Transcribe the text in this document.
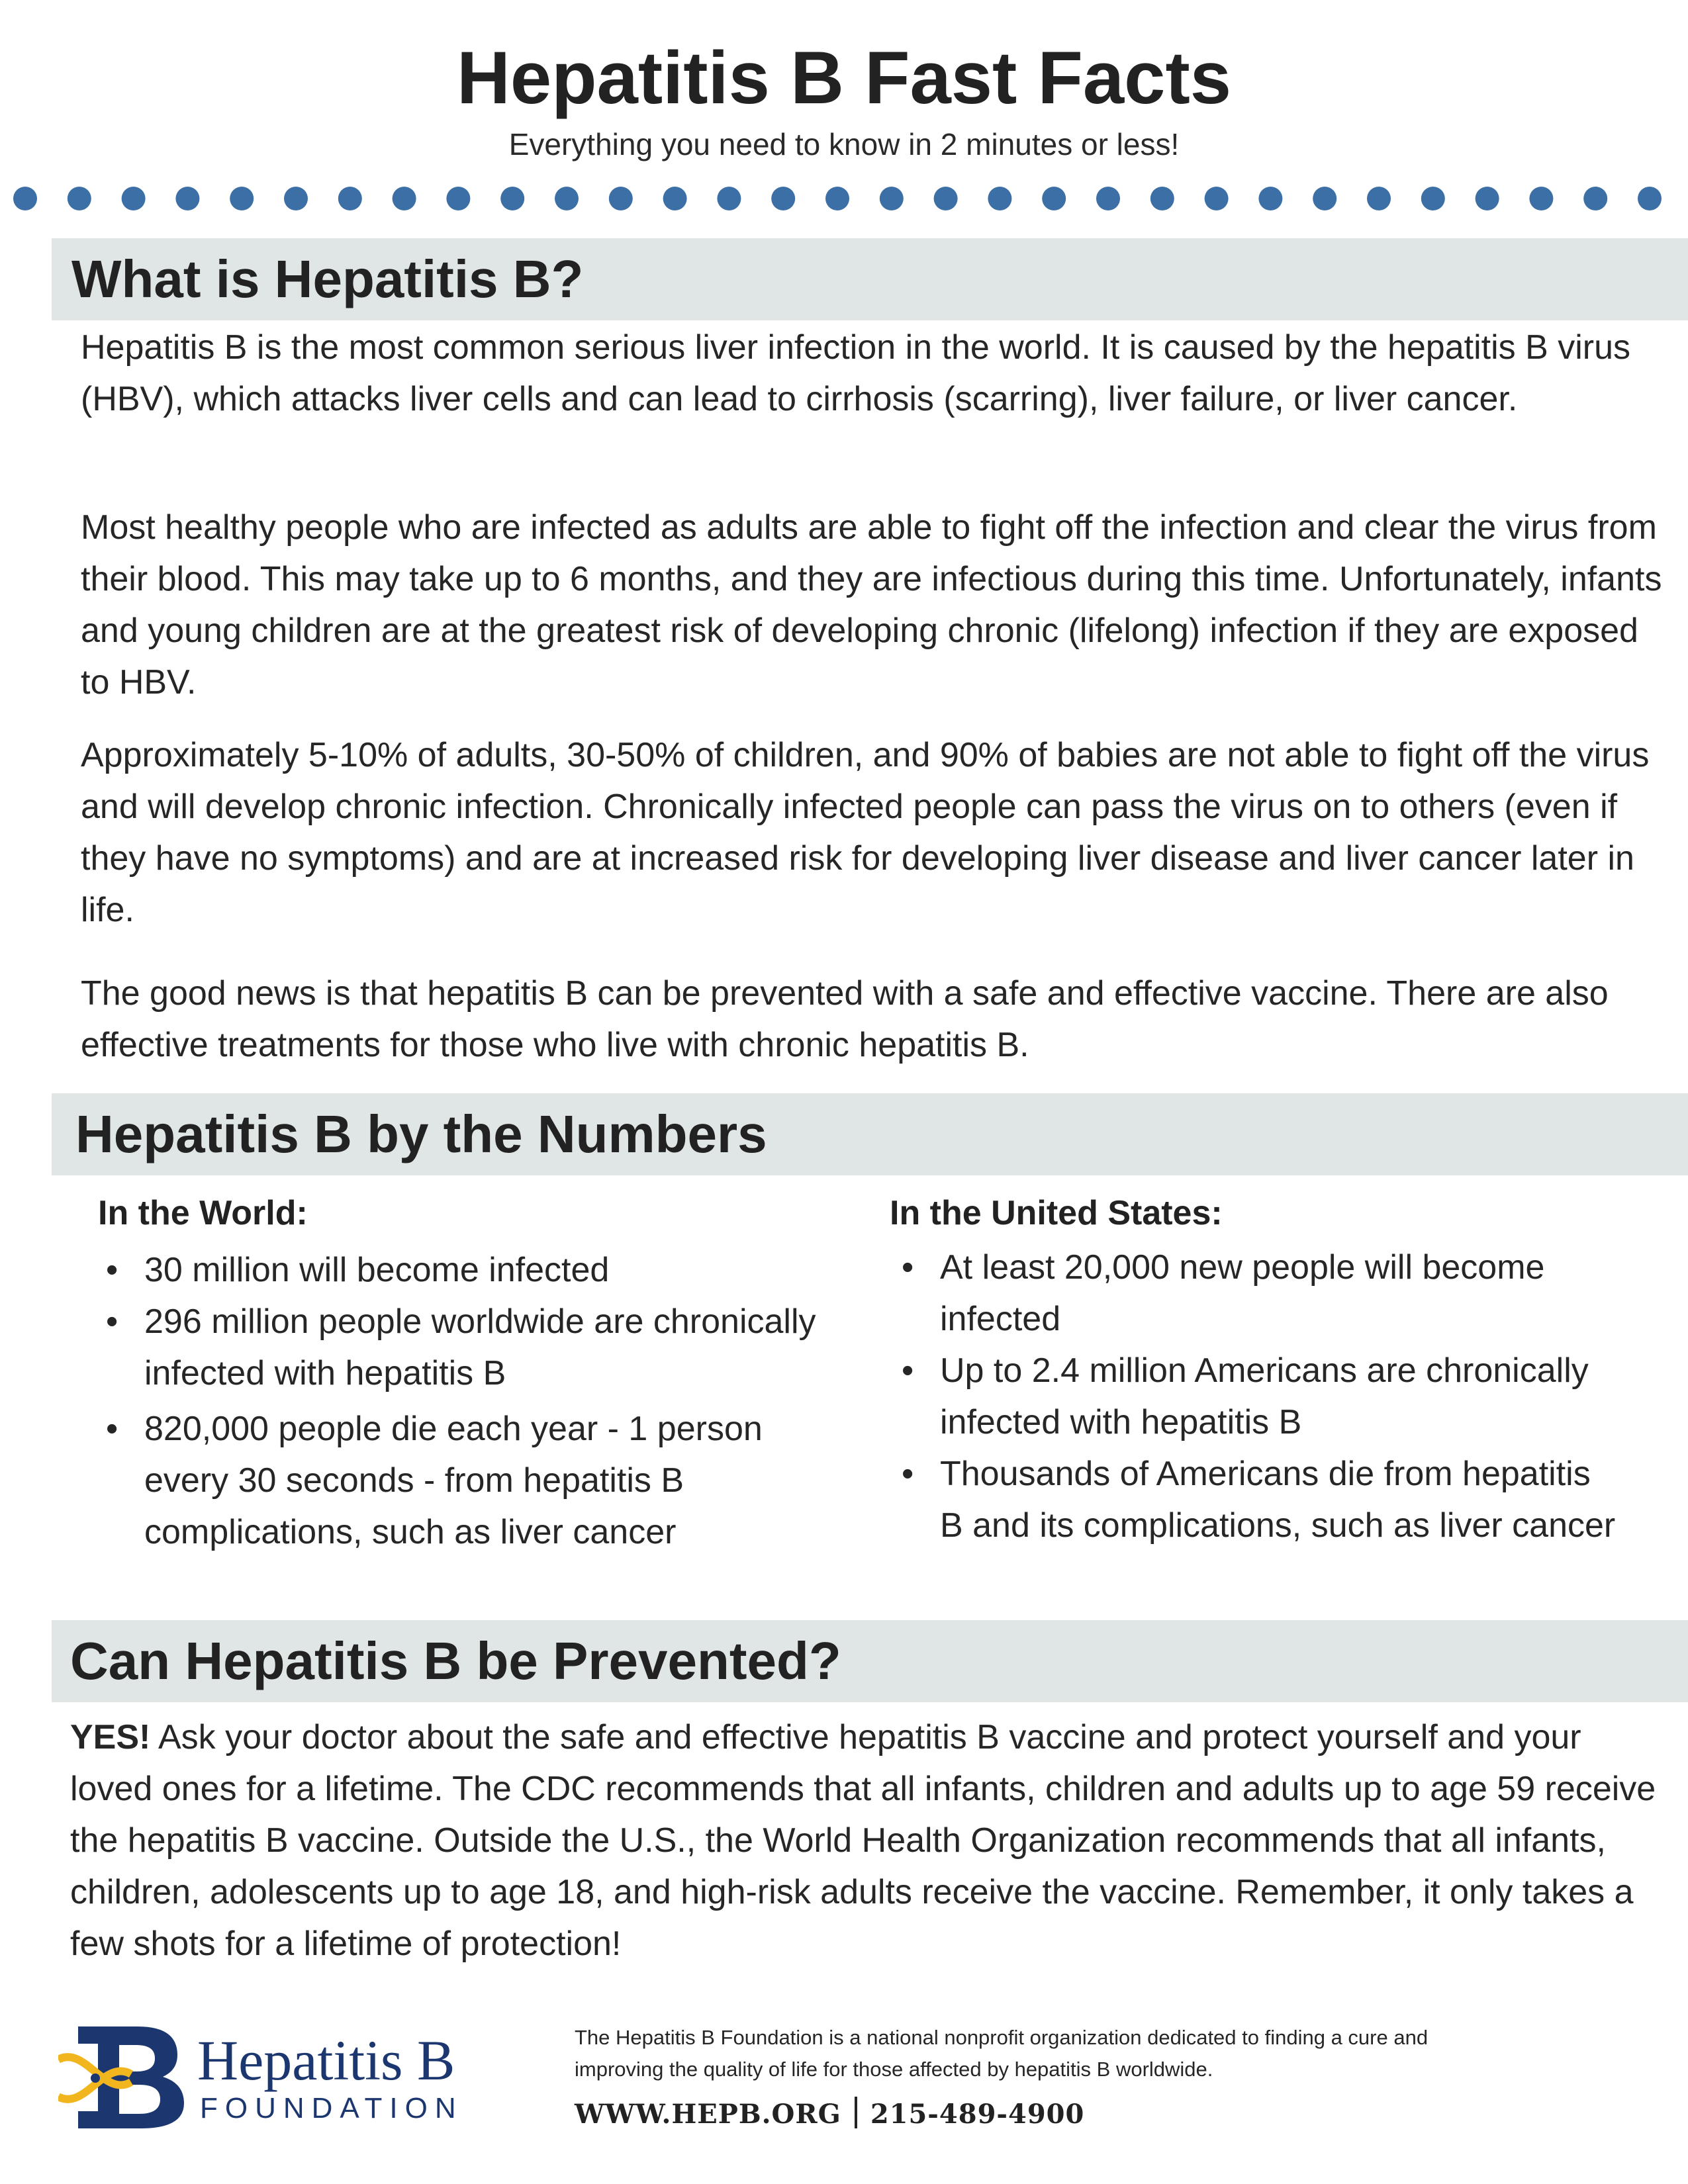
Hepatitis B Fast Facts
Everything you need to know in 2 minutes or less!
What is Hepatitis B?

Hepatitis B is the most common serious liver infection in the world. It is caused by the hepatitis B virus (HBV), which attacks liver cells and can lead to cirrhosis (scarring), liver failure, or liver cancer.

Most healthy people who are infected as adults are able to fight off the infection and clear the virus from their blood. This may take up to 6 months, and they are infectious during this time. Unfortunately, infants and young children are at the greatest risk of developing chronic (lifelong) infection if they are exposed to HBV.

Approximately 5-10% of adults, 30-50% of children, and 90% of babies are not able to fight off the virus and will develop chronic infection. Chronically infected people can pass the virus on to others (even if they have no symptoms) and are at increased risk for developing liver disease and liver cancer later in life.

The good news is that hepatitis B can be prevented with a safe and effective vaccine. There are also effective treatments for those who live with chronic hepatitis B.

Hepatitis B by the Numbers
In the World:
• 30 million will become infected
• 296 million people worldwide are chronically infected with hepatitis B
• 820,000 people die each year - 1 person every 30 seconds - from hepatitis B complications, such as liver cancer
In the United States:
• At least 20,000 new people will become infected
• Up to 2.4 million Americans are chronically infected with hepatitis B
• Thousands of Americans die from hepatitis B and its complications, such as liver cancer
Can Hepatitis B be Prevented?

YES! Ask your doctor about the safe and effective hepatitis B vaccine and protect yourself and your loved ones for a lifetime. The CDC recommends that all infants, children and adults up to age 59 receive the hepatitis B vaccine. Outside the U.S., the World Health Organization recommends that all infants, children, adolescents up to age 18, and high-risk adults receive the vaccine. Remember, it only takes a few shots for a lifetime of protection!

Hepatitis B
FOUNDATION
The Hepatitis B Foundation is a national nonprofit organization dedicated to finding a cure and improving the quality of life for those affected by hepatitis B worldwide.
WWW.HEPB.ORG 215-489-4900
